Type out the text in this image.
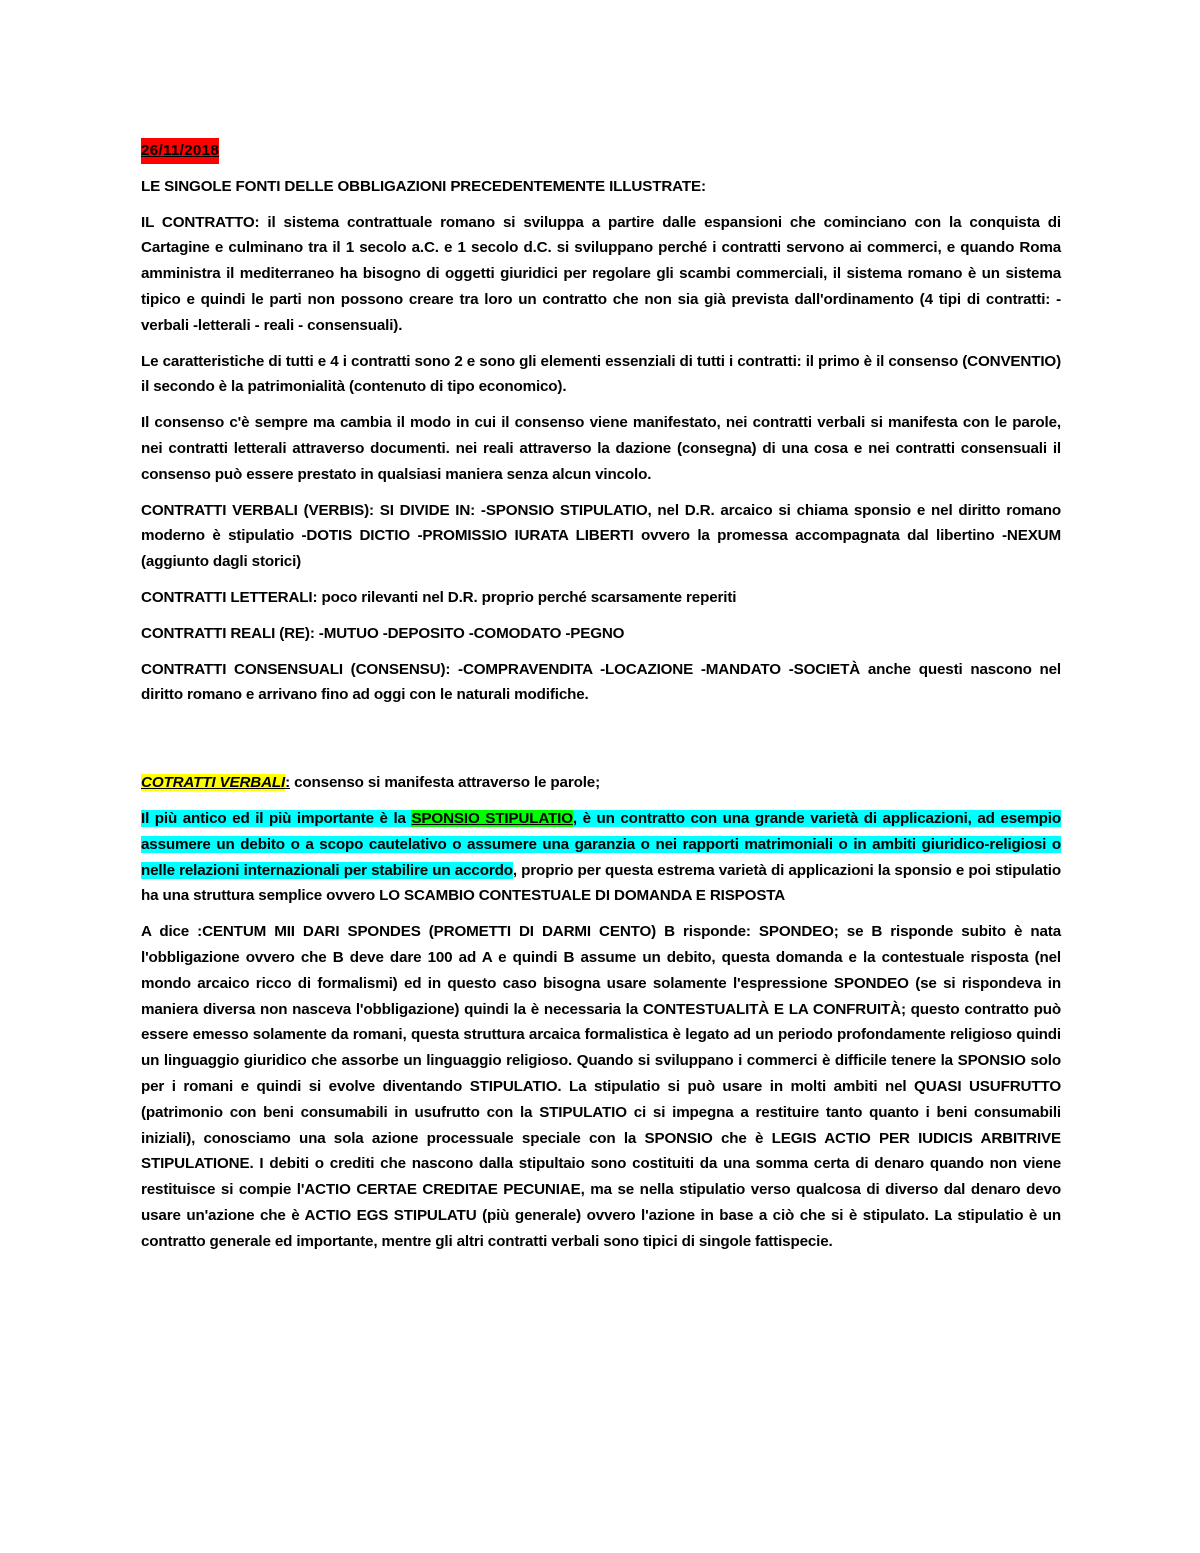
26/11/2018

LE SINGOLE FONTI DELLE OBBLIGAZIONI PRECEDENTEMENTE ILLUSTRATE:

IL CONTRATTO: il sistema contrattuale romano si sviluppa a partire dalle espansioni che cominciano con la conquista di Cartagine e culminano tra il 1 secolo a.C. e 1 secolo d.C. si sviluppano perché i contratti servono ai commerci, e quando Roma amministra il mediterraneo ha bisogno di oggetti giuridici per regolare gli scambi commerciali, il sistema romano è un sistema tipico e quindi le parti non possono creare tra loro un contratto che non sia già prevista dall'ordinamento (4 tipi di contratti: -verbali -letterali - reali - consensuali).

Le caratteristiche di tutti e 4 i contratti sono 2 e sono gli elementi essenziali di tutti i contratti: il primo è il consenso (CONVENTIO) il secondo è la patrimonialità (contenuto di tipo economico).

Il consenso c'è sempre ma cambia il modo in cui il consenso viene manifestato, nei contratti verbali si manifesta con le parole, nei contratti letterali attraverso documenti. nei reali attraverso la dazione (consegna) di una cosa e nei contratti consensuali il consenso può essere prestato in qualsiasi maniera senza alcun vincolo.

CONTRATTI VERBALI (VERBIS): SI DIVIDE IN: -SPONSIO STIPULATIO, nel D.R. arcaico si chiama sponsio e nel diritto romano moderno è stipulatio -DOTIS DICTIO -PROMISSIO IURATA LIBERTI ovvero la promessa accompagnata dal libertino -NEXUM (aggiunto dagli storici)

CONTRATTI LETTERALI: poco rilevanti nel D.R. proprio perché scarsamente reperiti

CONTRATTI REALI (RE): -MUTUO -DEPOSITO -COMODATO -PEGNO

CONTRATTI CONSENSUALI (CONSENSU): -COMPRAVENDITA -LOCAZIONE -MANDATO -SOCIETÀ anche questi nascono nel diritto romano e arrivano fino ad oggi con le naturali modifiche.

COTRATTI VERBALI: consenso si manifesta attraverso le parole;

Il più antico ed il più importante è la SPONSIO STIPULATIO, è un contratto con una grande varietà di applicazioni, ad esempio assumere un debito o a scopo cautelativo o assumere una garanzia o nei rapporti matrimoniali o in ambiti giuridico-religiosi o nelle relazioni internazionali per stabilire un accordo, proprio per questa estrema varietà di applicazioni la sponsio e poi stipulatio ha una struttura semplice ovvero LO SCAMBIO CONTESTUALE DI DOMANDA E RISPOSTA

A dice :CENTUM MII DARI SPONDES (PROMETTI DI DARMI CENTO) B risponde: SPONDEO; se B risponde subito è nata l'obbligazione ovvero che B deve dare 100 ad A e quindi B assume un debito, questa domanda e la contestuale risposta (nel mondo arcaico ricco di formalismi) ed in questo caso bisogna usare solamente l'espressione SPONDEO (se si rispondeva in maniera diversa non nasceva l'obbligazione) quindi la è necessaria la CONTESTUALITÀ E LA CONFRUITÀ; questo contratto può essere emesso solamente da romani, questa struttura arcaica formalistica è legato ad un periodo profondamente religioso quindi un linguaggio giuridico che assorbe un linguaggio religioso. Quando si sviluppano i commerci è difficile tenere la SPONSIO solo per i romani e quindi si evolve diventando STIPULATIO. La stipulatio si può usare in molti ambiti nel QUASI USUFRUTTO (patrimonio con beni consumabili in usufrutto con la STIPULATIO ci si impegna a restituire tanto quanto i beni consumabili iniziali), conosciamo una sola azione processuale speciale con la SPONSIO che è LEGIS ACTIO PER IUDICIS ARBITRIVE STIPULATIONE. I debiti o crediti che nascono dalla stipultaio sono costituiti da una somma certa di denaro quando non viene restituisce si compie l'ACTIO CERTAE CREDITAE PECUNIAE, ma se nella stipulatio verso qualcosa di diverso dal denaro devo usare un'azione che è ACTIO EGS STIPULATU (più generale) ovvero l'azione in base a ciò che si è stipulato. La stipulatio è un contratto generale ed importante, mentre gli altri contratti verbali sono tipici di singole fattispecie.
